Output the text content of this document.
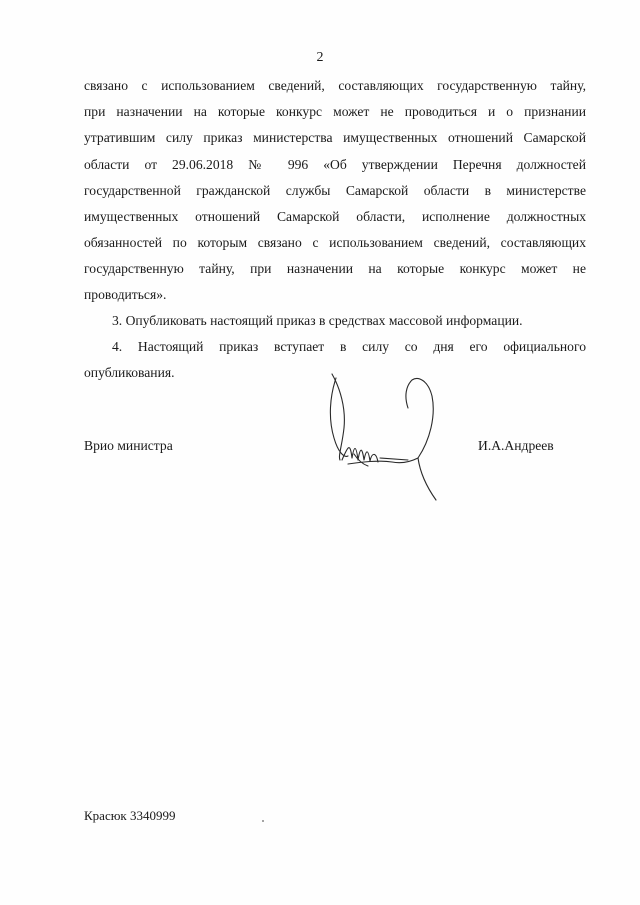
2
связано с использованием сведений, составляющих государственную тайну,
при назначении на которые конкурс может не проводиться и о признании
утратившим силу приказ министерства имущественных отношений Самарской
области от 29.06.2018 № 996 «Об утверждении Перечня должностей
государственной гражданской службы Самарской области в министерстве
имущественных отношений Самарской области, исполнение должностных
обязанностей по которым связано с использованием сведений, составляющих
государственную тайну, при назначении на которые конкурс может не
проводиться».
3. Опубликовать настоящий приказ в средствах массовой информации.
4. Настоящий приказ вступает в силу со дня его официального
опубликования.
Врио министра	И.А.Андреев
Красюк 3340999
